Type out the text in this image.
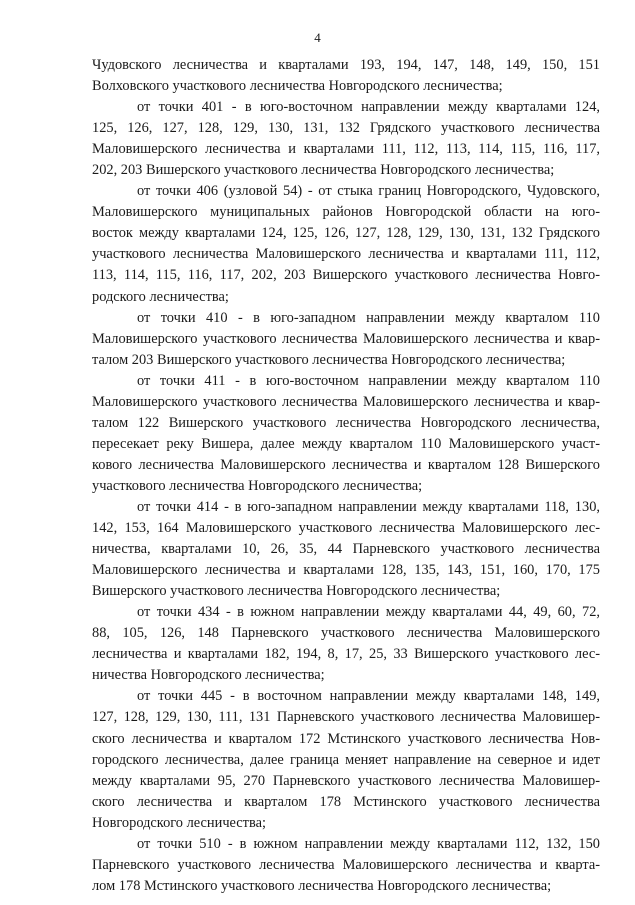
4
Чудовского лесничества и кварталами 193, 194, 147, 148, 149, 150, 151
Волховского участкового лесничества Новгородского лесничества;
от точки 401 - в юго-восточном направлении между кварталами 124,
125, 126, 127, 128, 129, 130, 131, 132 Грядского участкового лесничества
Маловишерского лесничества и кварталами 111, 112, 113, 114, 115, 116, 117,
202, 203 Вишерского участкового лесничества Новгородского лесничества;
от точки 406 (узловой 54) - от стыка границ Новгородского, Чудовского,
Маловишерского муниципальных районов Новгородской области на юго-
восток между кварталами 124, 125, 126, 127, 128, 129, 130, 131, 132 Грядского
участкового лесничества Маловишерского лесничества и кварталами 111, 112,
113, 114, 115, 116, 117, 202, 203 Вишерского участкового лесничества Новго-
родского лесничества;
от точки 410 - в юго-западном направлении между кварталом 110
Маловишерского участкового лесничества Маловишерского лесничества и квар-
талом 203 Вишерского участкового лесничества Новгородского лесничества;
от точки 411 - в юго-восточном направлении между кварталом 110
Маловишерского участкового лесничества Маловишерского лесничества и квар-
талом 122 Вишерского участкового лесничества Новгородского лесничества,
пересекает реку Вишера, далее между кварталом 110 Маловишерского участ-
кового лесничества Маловишерского лесничества и кварталом 128 Вишерского
участкового лесничества Новгородского лесничества;
от точки 414 - в юго-западном направлении между кварталами 118, 130,
142, 153, 164 Маловишерского участкового лесничества Маловишерского лес-
ничества, кварталами 10, 26, 35, 44 Парневского участкового лесничества
Маловишерского лесничества и кварталами 128, 135, 143, 151, 160, 170, 175
Вишерского участкового лесничества Новгородского лесничества;
от точки 434 - в южном направлении между кварталами 44, 49, 60, 72,
88, 105, 126, 148 Парневского участкового лесничества Маловишерского
лесничества и кварталами 182, 194, 8, 17, 25, 33 Вишерского участкового лес-
ничества Новгородского лесничества;
от точки 445 - в восточном направлении между кварталами 148, 149,
127, 128, 129, 130, 111, 131 Парневского участкового лесничества Маловишер-
ского лесничества и кварталом 172 Мстинского участкового лесничества Нов-
городского лесничества, далее граница меняет направление на северное и идет
между кварталами 95, 270 Парневского участкового лесничества Маловишер-
ского лесничества и кварталом 178 Мстинского участкового лесничества
Новгородского лесничества;
от точки 510 - в южном направлении между кварталами 112, 132, 150
Парневского участкового лесничества Маловишерского лесничества и кварта-
лом 178 Мстинского участкового лесничества Новгородского лесничества;
